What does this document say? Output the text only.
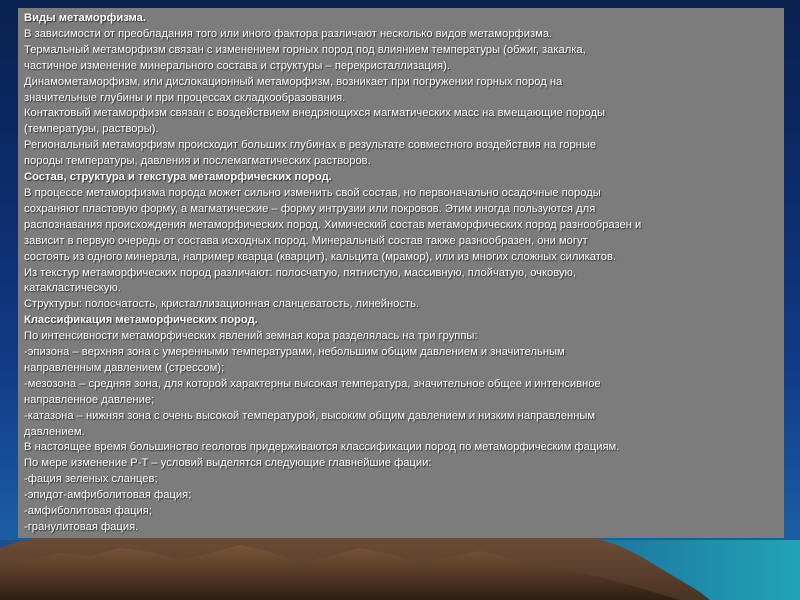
Виды метаморфизма.
В зависимости от преобладания того или иного фактора различают несколько видов метаморфизма.
Термальный метаморфизм связан с изменением горных пород под влиянием температуры (обжиг, закалка,
частичное изменение минерального состава и структуры – перекристаллизация).
Динамометаморфизм, или дислокационный метаморфизм, возникает при погружении горных пород на
значительные глубины и при процессах складкообразования.
Контактовый метаморфизм связан с воздействием внедряющихся магматических масс на вмещающие породы
(температуры, растворы).
Региональный метаморфизм происходит больших глубинах в результате совместного воздействия на горные
породы температуры, давления и послемагматических растворов.
Состав, структура и текстура метаморфических пород.
В процессе метаморфизма порода может сильно изменить свой состав, но первоначально осадочные породы
сохраняют пластовую форму, а магматические – форму интрузии или покровов. Этим иногда пользуются для
распознавания происхождения метаморфических пород. Химический состав метаморфических пород разнообразен и
зависит в первую очередь от состава исходных пород. Минеральный состав также разнообразен, они могут
состоять из одного минерала, например кварца (кварцит), кальцита (мрамор), или из многих сложных силикатов.
Из текстур метаморфических пород различают: полосчатую, пятнистую, массивную, плойчатую, очковую,
катакластическую.
Структуры: полосчатость, кристаллизационная сланцеватость, линейность.
Классификация метаморфических пород.
По интенсивности метаморфических явлений земная кора разделялась на три группы:
-эпизона – верхняя зона с умеренными температурами, небольшим общим давлением и значительным
направленным давлением (стрессом);
-мезозона – средняя зона, для которой характерны высокая температура, значительное общее и интенсивное
направленное давление;
-катазона – нижняя зона с очень высокой температурой, высоким общим давлением и низким направленным
давлением.
В настоящее время большинство геологов придерживаются классификации пород по метаморфическим фациям.
По мере изменение Р-Т – условий выделятся следующие главнейшие фации:
-фация зеленых сланцев;
-эпидот-амфиболитовая фация;
-амфиболитовая фация;
-гранулитовая фация.
